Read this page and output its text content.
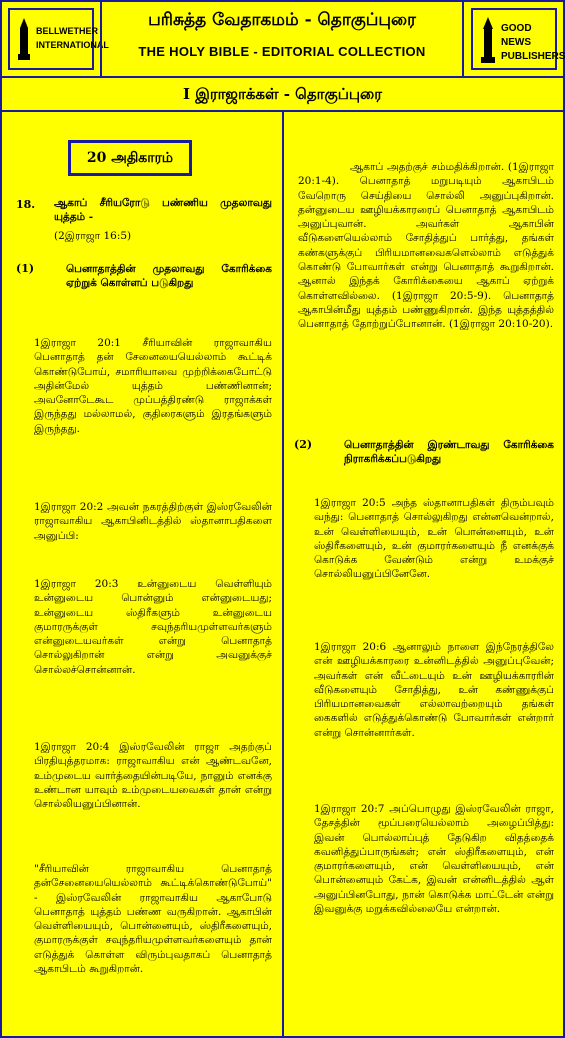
BELLWETHER INTERNATIONAL
பரிசுத்த வேதாகமம் - தொகுப்புரை
THE HOLY BIBLE - EDITORIAL COLLECTION
GOOD NEWS PUBLISHERS
I இராஜாக்கள் - தொகுப்புரை
20 அதிகாரம்
18. ஆகாப் சீரியரோடு பண்ணிய முதலாவது யுத்தம் -
(2இராஜா 16:5)
(1)	பெனாதாத்தின் முதலாவது கோரிக்கை ஏற்றுக் கொள்ளப் படுகிறது
1இராஜா 20:1 சீரியாவின் ராஜாவாகிய பெனாதாத் தன் சேனையையெல்லாம் கூட்டிக் கொண்டுபோய், சமாரியாவை முற்றிக்கைபோட்டு அதின்மேல் யுத்தம் பண்ணினான்; அவனோடேகூட முப்பத்திரண்டு ராஜாக்கள் இருந்தது மல்லாமல், குதிரைகளும் இரதங்களும் இருந்தது.
1இராஜா 20:2 அவன் நகரத்திற்குள் இஸ்ரவேலின் ராஜாவாகிய ஆகாபினிடத்தில் ஸ்தானாபதிகளை அனுப்பி:
1இராஜா 20:3 உன்னுடைய வெள்ளியும் உன்னுடைய பொன்னும் என்னுடையது; உன்னுடைய ஸ்திரீகளும் உன்னுடைய குமாரருக்குள் சவுந்தரியமுள்ளவர்களும் என்னுடையவர்கள் என்று பெனாதாத் சொல்லுகிறான் என்று அவனுக்குச் சொல்லச்சொன்னான்.
1இராஜா 20:4 இஸ்ரவேலின் ராஜா அதற்குப் பிரதியுத்தரமாக: ராஜாவாகிய என் ஆண்டவனே, உம்முடைய வார்த்தையின்படியே, நானும் எனக்கு உண்டான யாவும் உம்முடையவைகள் தான் என்று சொல்லியனுப்பினான்.
"சீரியாவின் ராஜாவாகிய பெனாதாத் தன்சேனையையெல்லாம் கூட்டிக்கொண்டுபோய்" - இஸ்ரவேலின் ராஜாவாகிய ஆகாபோடு பெனாதாத் யுத்தம் பண்ண வருகிறான். ஆகாபின் வெள்ளியையும், பொன்னையும், ஸ்திரீகளையும், குமாரருக்குள் சவுந்தரியமுள்ளவர்களையும் தான் எடுத்துக் கொள்ள விரும்புவதாகப் பெனாதாத் ஆகாபிடம் கூறுகிறான்.
ஆகாப் அதற்குச் சம்மதிக்கிறான். (1இராஜா 20:1-4). பெனாதாத் மறுபடியும் ஆகாபிடம் வேறொரு செய்தியை சொல்லி அனுப்புகிறான். தன்னுடைய ஊழியக்காரரைப் பெனாதாத் ஆகாபிடம் அனுப்புவான். அவர்கள் ஆகாபின் வீடுகளையெல்லாம் சோதித்துப் பார்த்து, தங்கள் கண்களுக்குப் பிரியமானவைகளெல்லாம் எடுத்துக் கொண்டு போவார்கள் என்று பெனாதாத் கூறுகிறான். ஆனால் இந்தக் கோரிக்கையை ஆகாப் ஏற்றுக் கொள்ளவில்லை. (1இராஜா 20:5-9). பெனாதாத் ஆகாபின்மீது யுத்தம் பண்ணுகிறான். இந்த யுத்தத்தில் பெனாதாத் தோற்றுப்போனான். (1இராஜா 20:10-20).
(2)	பெனாதாத்தின் இரண்டாவது கோரிக்கை நிராகரிக்கப்படுகிறது
1இராஜா 20:5 அந்த ஸ்தானாபதிகள் திரும்பவும் வந்து: பெனாதாத் சொல்லுகிறது என்னவென்றால், உன் வெள்ளியையும், உன் பொன்னையும், உன் ஸ்திரீகளையும், உன் குமாரர்களையும் நீ எனக்குக் கொடுக்க வேண்டும் என்று உமக்குச் சொல்லியனுப்பினேனே.
1இராஜா 20:6 ஆனாலும் நாளை இந்நேரத்திலே என் ஊழியக்காரரை உன்னிடத்தில் அனுப்புவேன்; அவர்கள் என் வீட்டையும் உன் ஊழியக்காரரின் வீடுகளையும் சோதித்து, உன் கண்ணுக்குப் பிரியமானவைகள் எல்லாவற்றையும் தங்கள் கைகளில் எடுத்துக்கொண்டு போவார்கள் என்றார் என்று சொன்னார்கள்.
1இராஜா 20:7 அப்பொழுது இஸ்ரவேலின் ராஜா, தேசத்தின் மூப்பரையெல்லாம் அழைப்பித்து: இவன் பொல்லாப்புத் தேடுகிற விதத்தைக் கவனித்துப்பாருங்கள்; என் ஸ்திரீகளையும், என் குமாரர்களையும், என் வெள்ளியையும், என் பொன்னையும் கேட்க, இவன் என்னிடத்தில் ஆள் அனுப்பினபோது, நான் கொடுக்க மாட்டேன் என்று இவனுக்கு மறுக்கவில்லையே என்றான்.
